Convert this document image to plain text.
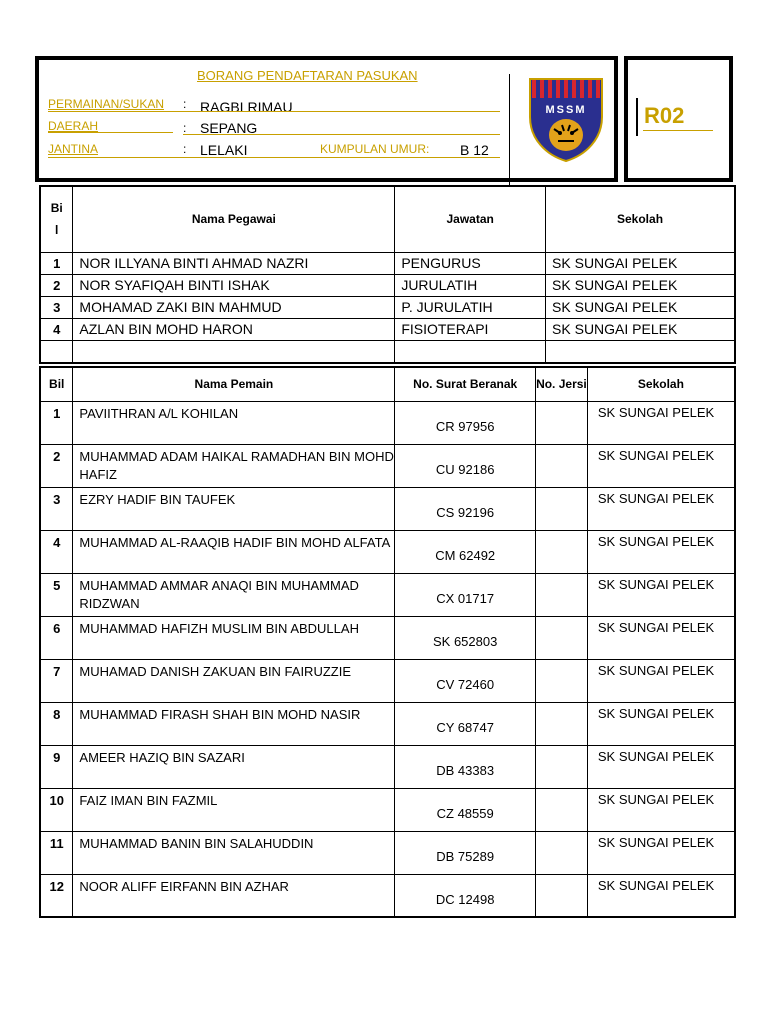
BORANG PENDAFTARAN PASUKAN
PERMAINAN/SUKAN : RAGBI RIMAU
DAERAH	: SEPANG
JANTINA	: LELAKI	KUMPULAN UMUR: B 12
MSSM	R02
Bi
l	Nama Pegawai	Jawatan	Sekolah
1	NOR ILLYANA BINTI AHMAD NAZRI	PENGURUS	SK SUNGAI PELEK
2	NOR SYAFIQAH BINTI ISHAK	JURULATIH	SK SUNGAI PELEK
3	MOHAMAD ZAKI BIN MAHMUD	P. JURULATIH	SK SUNGAI PELEK
4	AZLAN BIN MOHD HARON	FISIOTERAPI	SK SUNGAI PELEK

Bil	Nama Pemain	No. Surat Beranak	No. Jersi	Sekolah
1	PAVIITHRAN A/L KOHILAN	CR 97956		SK SUNGAI PELEK
2	MUHAMMAD ADAM HAIKAL RAMADHAN BIN MOHD HAFIZ	CU 92186		SK SUNGAI PELEK
3	EZRY HADIF BIN TAUFEK	CS 92196		SK SUNGAI PELEK
4	MUHAMMAD AL-RAAQIB HADIF BIN MOHD ALFATA	CM 62492		SK SUNGAI PELEK
5	MUHAMMAD AMMAR ANAQI BIN MUHAMMAD RIDZWAN	CX 01717		SK SUNGAI PELEK
6	MUHAMMAD HAFIZH MUSLIM BIN ABDULLAH	SK 652803		SK SUNGAI PELEK
7	MUHAMAD DANISH ZAKUAN BIN FAIRUZZIE	CV 72460		SK SUNGAI PELEK
8	MUHAMMAD FIRASH SHAH BIN MOHD NASIR	CY 68747		SK SUNGAI PELEK
9	AMEER HAZIQ BIN SAZARI	DB 43383		SK SUNGAI PELEK
10	FAIZ IMAN BIN FAZMIL	CZ 48559		SK SUNGAI PELEK
11	MUHAMMAD BANIN BIN SALAHUDDIN	DB 75289		SK SUNGAI PELEK
12	NOOR ALIFF EIRFANN BIN AZHAR	DC 12498		SK SUNGAI PELEK
